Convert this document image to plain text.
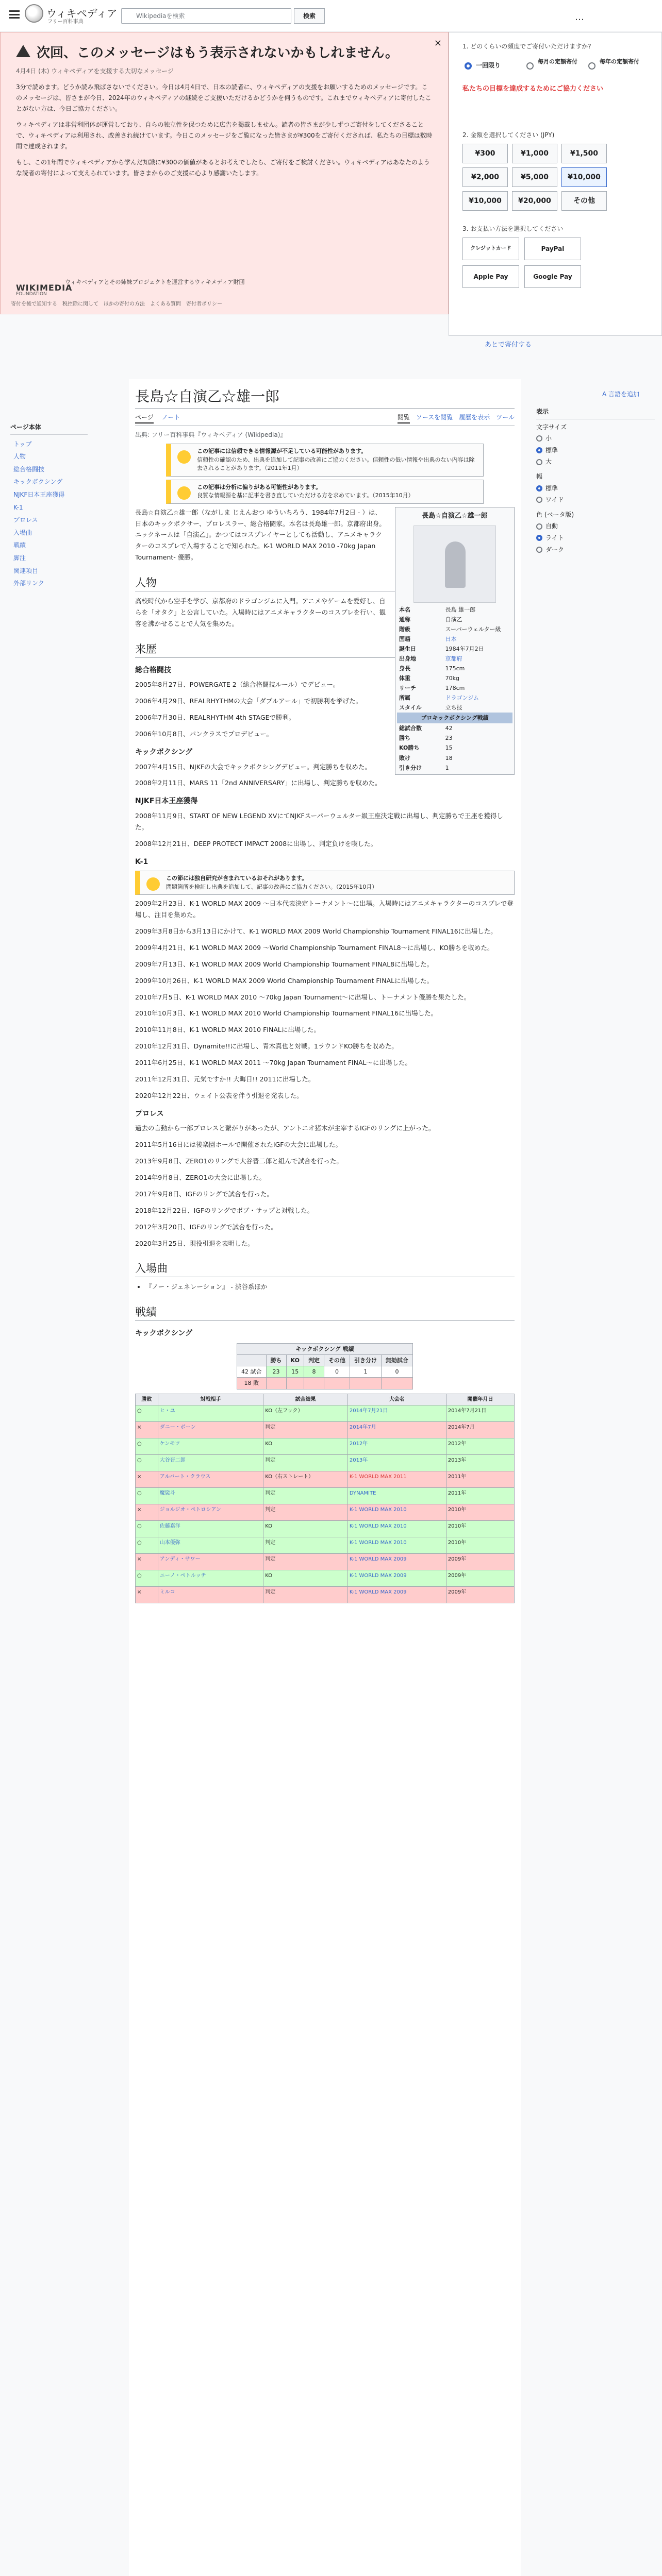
ウィキペディア
フリー百科事典
Wikipediaを検索	検索	…
✕
次回、このメッセージはもう表示されないかもしれません。
4月4日 (木) ウィキペディアを支援する大切なメッセージ

3分で読めます。どうか読み飛ばさないでください。今日は4月4日で、日本の読者に、ウィキペディアの支援をお願いするためのメッセージです。このメッセージは、皆さまが今日、2024年のウィキペディアの継続をご支援いただけるかどうかを伺うものです。これまでウィキペディアに寄付したことがない方は、今日ご協力ください。

ウィキペディアは非営利団体が運営しており、自らの独立性を保つために広告を掲載しません。読者の皆さまが少しずつご寄付をしてくださることで、ウィキペディアは利用され、改善され続けています。今日このメッセージをご覧になった皆さまが¥300をご寄付くだされば、私たちの目標は数時間で達成されます。

もし、この1年間でウィキペディアから学んだ知識に¥300の価値があるとお考えでしたら、ご寄付をご検討ください。ウィキペディアはあなたのような読者の寄付によって支えられています。皆さまからのご支援に心より感謝いたします。

WIKIMEDIA
FOUNDATION
ウィキペディアとその姉妹プロジェクトを運営するウィキメディア財団
寄付を後で通知する　税控除に関して　ほかの寄付の方法　よくある質問　寄付者ポリシー
1. どのくらいの頻度でご寄付いただけますか?
一回限り
毎月の定額寄付	毎年の定額寄付
私たちの目標を達成するためにご協力ください
2. 金額を選択してください (JPY)
¥300	¥1,000	¥1,500
¥2,000	¥5,000	¥10,000
¥10,000	¥20,000	その他
3. お支払い方法を選択してください
クレジットカード	PayPal
Apple Pay	Google Pay
あとで寄付する
ページ本体
トップ
人物
総合格闘技
キックボクシング
NJKF日本王座獲得
K-1
プロレス
入場曲
戦績
脚注
関連項目
外部リンク
表示
文字サイズ
小
標準
大
幅
標準
ワイド
色 (ベータ版)
自動
ライト
ダーク
長島☆自演乙☆雄一郎	A 言語を追加
ページ ノート	閲覧 ソースを閲覧 履歴を表示 ツール
出典: フリー百科事典『ウィキペディア (Wikipedia)』
この記事には信頼できる情報源が不足している可能性があります。
信頼性の確認のため、出典を追加して記事の改善にご協力ください。信頼性の低い情報や出典のない内容は除去されることがあります。（2011年1月）
この記事は分析に偏りがある可能性があります。
良質な情報源を基に記事を書き直していただける方を求めています。（2015年10月）
長島☆自演乙☆雄一郎
本名	長島 雄一郎
通称	自演乙
階級	スーパーウェルター級
国籍	日本
誕生日	1984年7月2日
出身地	京都府
身長	175cm
体重	70kg
リーチ	178cm
所属	ドラゴンジム
スタイル	立ち技
プロキックボクシング戦績	
総試合数	42
勝ち	23
KO勝ち	15
敗け	18
引き分け	1

長島☆自演乙☆雄一郎（ながしま じえんおつ ゆういちろう、1984年7月2日 - ）は、日本のキックボクサー、プロレスラー、総合格闘家。本名は長島雄一郎。京都府出身。ニックネームは「自演乙」。かつてはコスプレイヤーとしても活動し、アニメキャラクターのコスプレで入場することで知られた。K-1 WORLD MAX 2010 -70kg Japan Tournament- 優勝。

人物

高校時代から空手を学び、京都府のドラゴンジムに入門。アニメやゲームを愛好し、自らを「オタク」と公言していた。入場時にはアニメキャラクターのコスプレを行い、観客を沸かせることで人気を集めた。

来歴
総合格闘技

2005年8月27日、POWERGATE 2（総合格闘技ルール）でデビュー。

2006年4月29日、REALRHYTHMの大会「ダブルアール」で初勝利を挙げた。

2006年7月30日、REALRHYTHM 4th STAGEで勝利。

2006年10月8日、パンクラスでプロデビュー。

キックボクシング

2007年4月15日、NJKFの大会でキックボクシングデビュー。判定勝ちを収めた。

2008年2月11日、MARS 11「2nd ANNIVERSARY」に出場し、判定勝ちを収めた。

NJKF日本王座獲得

2008年11月9日、START OF NEW LEGEND XVにてNJKFスーパーウェルター級王座決定戦に出場し、判定勝ちで王座を獲得した。

2008年12月21日、DEEP PROTECT IMPACT 2008に出場し、判定負けを喫した。

K-1
この節には独自研究が含まれているおそれがあります。
問題箇所を検証し出典を追加して、記事の改善にご協力ください。（2015年10月）

2009年2月23日、K-1 WORLD MAX 2009 ～日本代表決定トーナメント～に出場。入場時にはアニメキャラクターのコスプレで登場し、注目を集めた。

2009年3月8日から3月13日にかけて、K-1 WORLD MAX 2009 World Championship Tournament FINAL16に出場した。

2009年4月21日、K-1 WORLD MAX 2009 ～World Championship Tournament FINAL8～に出場し、KO勝ちを収めた。

2009年7月13日、K-1 WORLD MAX 2009 World Championship Tournament FINAL8に出場した。

2009年10月26日、K-1 WORLD MAX 2009 World Championship Tournament FINALに出場した。

2010年7月5日、K-1 WORLD MAX 2010 ～70kg Japan Tournament～に出場し、トーナメント優勝を果たした。

2010年10月3日、K-1 WORLD MAX 2010 World Championship Tournament FINAL16に出場した。

2010年11月8日、K-1 WORLD MAX 2010 FINALに出場した。

2010年12月31日、Dynamite!!に出場し、青木真也と対戦。1ラウンドKO勝ちを収めた。

2011年6月25日、K-1 WORLD MAX 2011 ～70kg Japan Tournament FINAL～に出場した。

2011年12月31日、元気ですか!! 大晦日!! 2011に出場した。

2020年12月22日、ウェイト公表を伴う引退を発表した。

プロレス

過去の言動から一部プロレスと繋がりがあったが、アントニオ猪木が主宰するIGFのリングに上がった。

2011年5月16日には後楽園ホールで開催されたIGFの大会に出場した。

2013年9月8日、ZERO1のリングで大谷晋二郎と組んで試合を行った。

2014年9月8日、ZERO1の大会に出場した。

2017年9月8日、IGFのリングで試合を行った。

2018年12月22日、IGFのリングでボブ・サップと対戦した。

2012年3月20日、IGFのリングで試合を行った。

2020年3月25日、現役引退を表明した。

入場曲
• 『ノー・ジェネレーション』 - 渋谷系ほか
戦績
キックボクシング
キックボクシング 戦績						
	勝ち	KO	判定	その他	引き分け	無効試合
42 試合	23	15	8	0	1	0
18 敗						
勝敗	対戦相手	試合結果	大会名	開催年月日
○	ヒ・ユ	KO（左フック）	2014年7月21日	2014年7月21日
×	ダニー・ボーン	判定	2014年7月	2014年7月
○	ケンモツ	KO	2012年	2012年
○	大谷晋二郎	判定	2013年	2013年
×	アルバート・クラウス	KO（右ストレート）	K-1 WORLD MAX 2011	2011年
○	魔裟斗	判定	DYNAMITE	2011年
×	ジョルジオ・ペトロシアン	判定	K-1 WORLD MAX 2010	2010年
○	佐藤嘉洋	KO	K-1 WORLD MAX 2010	2010年
○	山本優弥	判定	K-1 WORLD MAX 2010	2010年
×	アンディ・サワー	判定	K-1 WORLD MAX 2009	2009年
○	ニーノ・ペトルッチ	KO	K-1 WORLD MAX 2009	2009年
×	ミルコ	判定	K-1 WORLD MAX 2009	2009年
